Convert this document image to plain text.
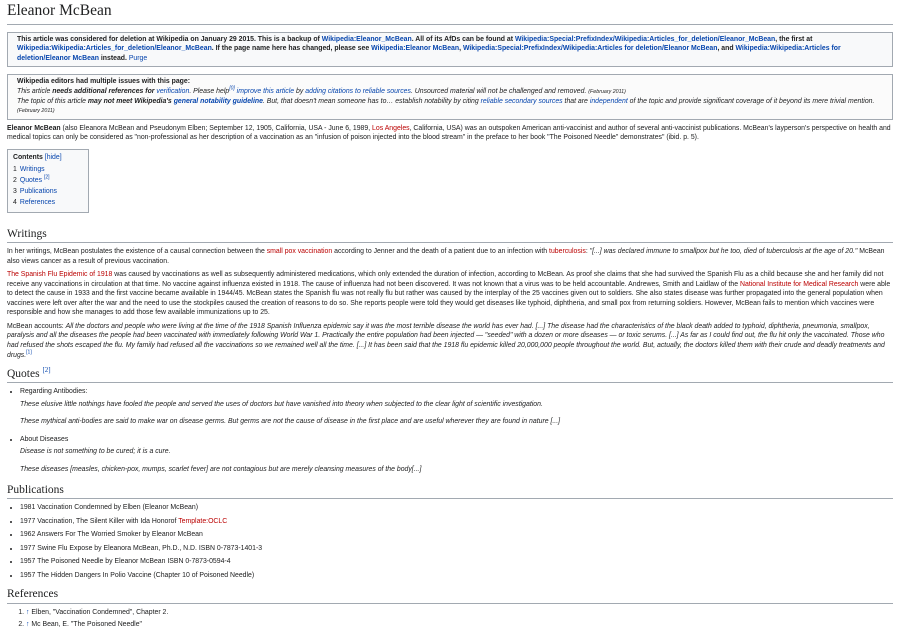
Eleanor McBean
This article was considered for deletion at Wikipedia on January 29 2015. This is a backup of Wikipedia:Eleanor_McBean. All of its AfDs can be found at Wikipedia:Special:PrefixIndex/Wikipedia:Articles_for_deletion/Eleanor_McBean, the first at Wikipedia:Wikipedia:Articles_for_deletion/Eleanor_McBean. If the page name here has changed, please see Wikipedia:Eleanor McBean, Wikipedia:Special:PrefixIndex/Wikipedia:Articles for deletion/Eleanor McBean, and Wikipedia:Wikipedia:Articles for deletion/Eleanor McBean instead. Purge

Wikipedia editors had multiple issues with this page:

This article needs additional references for verification. Please help[0] improve this article by adding citations to reliable sources. Unsourced material will not be challenged and removed. (February 2011)

The topic of this article may not meet Wikipedia's general notability guideline. But, that doesn't mean someone has to… establish notability by citing reliable secondary sources that are independent of the topic and provide significant coverage of it beyond its mere trivial mention. (February 2011)

Eleanor McBean (also Eleanora McBean and Pseudonym Elben; September 12, 1905, California, USA - June 6, 1989, Los Angeles, California, USA) was an outspoken American anti-vaccinist and author of several anti-vaccinist publications. McBean's layperson's perspective on health and medical topics can only be considered as "non-professional as her description of a vaccination as an "infusion of poison injected into the blood stream" in the preface to her book "The Poisoned Needle" demonstrates" (ibid. p. 5).

Contents [hide]
1 Writings
2 Quotes [2]
3 Publications
4 References
Writings

In her writings, McBean postulates the existence of a causal connection between the small pox vaccination according to Jenner and the death of a patient due to an infection with tuberculosis: "[...] was declared immune to smallpox but he too, died of tuberculosis at the age of 20." McBean also views cancer as a result of previous vaccination.

The Spanish Flu Epidemic of 1918 was caused by vaccinations as well as subsequently administered medications, which only extended the duration of infection, according to McBean. As proof she claims that she had survived the Spanish Flu as a child because she and her family did not receive any vaccinations in circulation at that time. No vaccine against influenza existed in 1918. The cause of influenza had not been discovered. It was not known that a virus was to be held accountable. Andrewes, Smith and Laidlaw of the National Institute for Medical Research were able to detect the cause in 1933 and the first vaccine became available in 1944/45. McBean states the Spanish flu was not really flu but rather was caused by the interplay of the 25 vaccines given out to soldiers. She also states disease was further propagated into the general population when vaccines were left over after the war and the need to use the stockpiles caused the creation of reasons to do so. She reports people were told they would get diseases like typhoid, diphtheria, and small pox from returning soldiers. However, McBean fails to mention which vaccines were responsible and how she manages to add those few available immunizations up to 25.

McBean accounts: All the doctors and people who were living at the time of the 1918 Spanish Influenza epidemic say it was the most terrible disease the world has ever had. [...] The disease had the characteristics of the black death added to typhoid, diphtheria, pneumonia, smallpox, paralysis and all the diseases the people had been vaccinated with immediately following World War 1. Practically the entire population had been injected — "seeded" with a dozen or more diseases — or toxic serums. [...] As far as I could find out, the flu hit only the vaccinated. Those who had refused the shots escaped the flu. My family had refused all the vaccinations so we remained well all the time. [...] It has been said that the 1918 flu epidemic killed 20,000,000 people throughout the world. But, actually, the doctors killed them with their crude and deadly treatments and drugs.[1]

Quotes [2]
• Regarding Antibodies:
These elusive little nothings have fooled the people and served the uses of doctors but have vanished into theory when subjected to the clear light of scientific investigation.
These mythical anti-bodies are said to make war on disease germs. But germs are not the cause of disease in the first place and are useful wherever they are found in nature [...]
• About Diseases
Disease is not something to be cured; it is a cure.
These diseases [measles, chicken-pox, mumps, scarlet fever] are not contagious but are merely cleansing measures of the body[...]
Publications
• 1981 Vaccination Condemned by Elben (Eleanor McBean)
• 1977 Vaccination, The Silent Killer with Ida Honorof Template:OCLC
• 1962 Answers For The Worried Smoker by Eleanor McBean
• 1977 Swine Flu Expose by Eleanora McBean, Ph.D., N.D. ISBN 0-7873-1401-3
• 1957 The Poisoned Needle by Eleanor McBean ISBN 0-7873-0594-4
• 1957 The Hidden Dangers In Polio Vaccine (Chapter 10 of Poisoned Needle)
References
1. ↑ Elben, "Vaccination Condemned", Chapter 2.
2. ↑ Mc Bean, E. "The Poisoned Needle"
